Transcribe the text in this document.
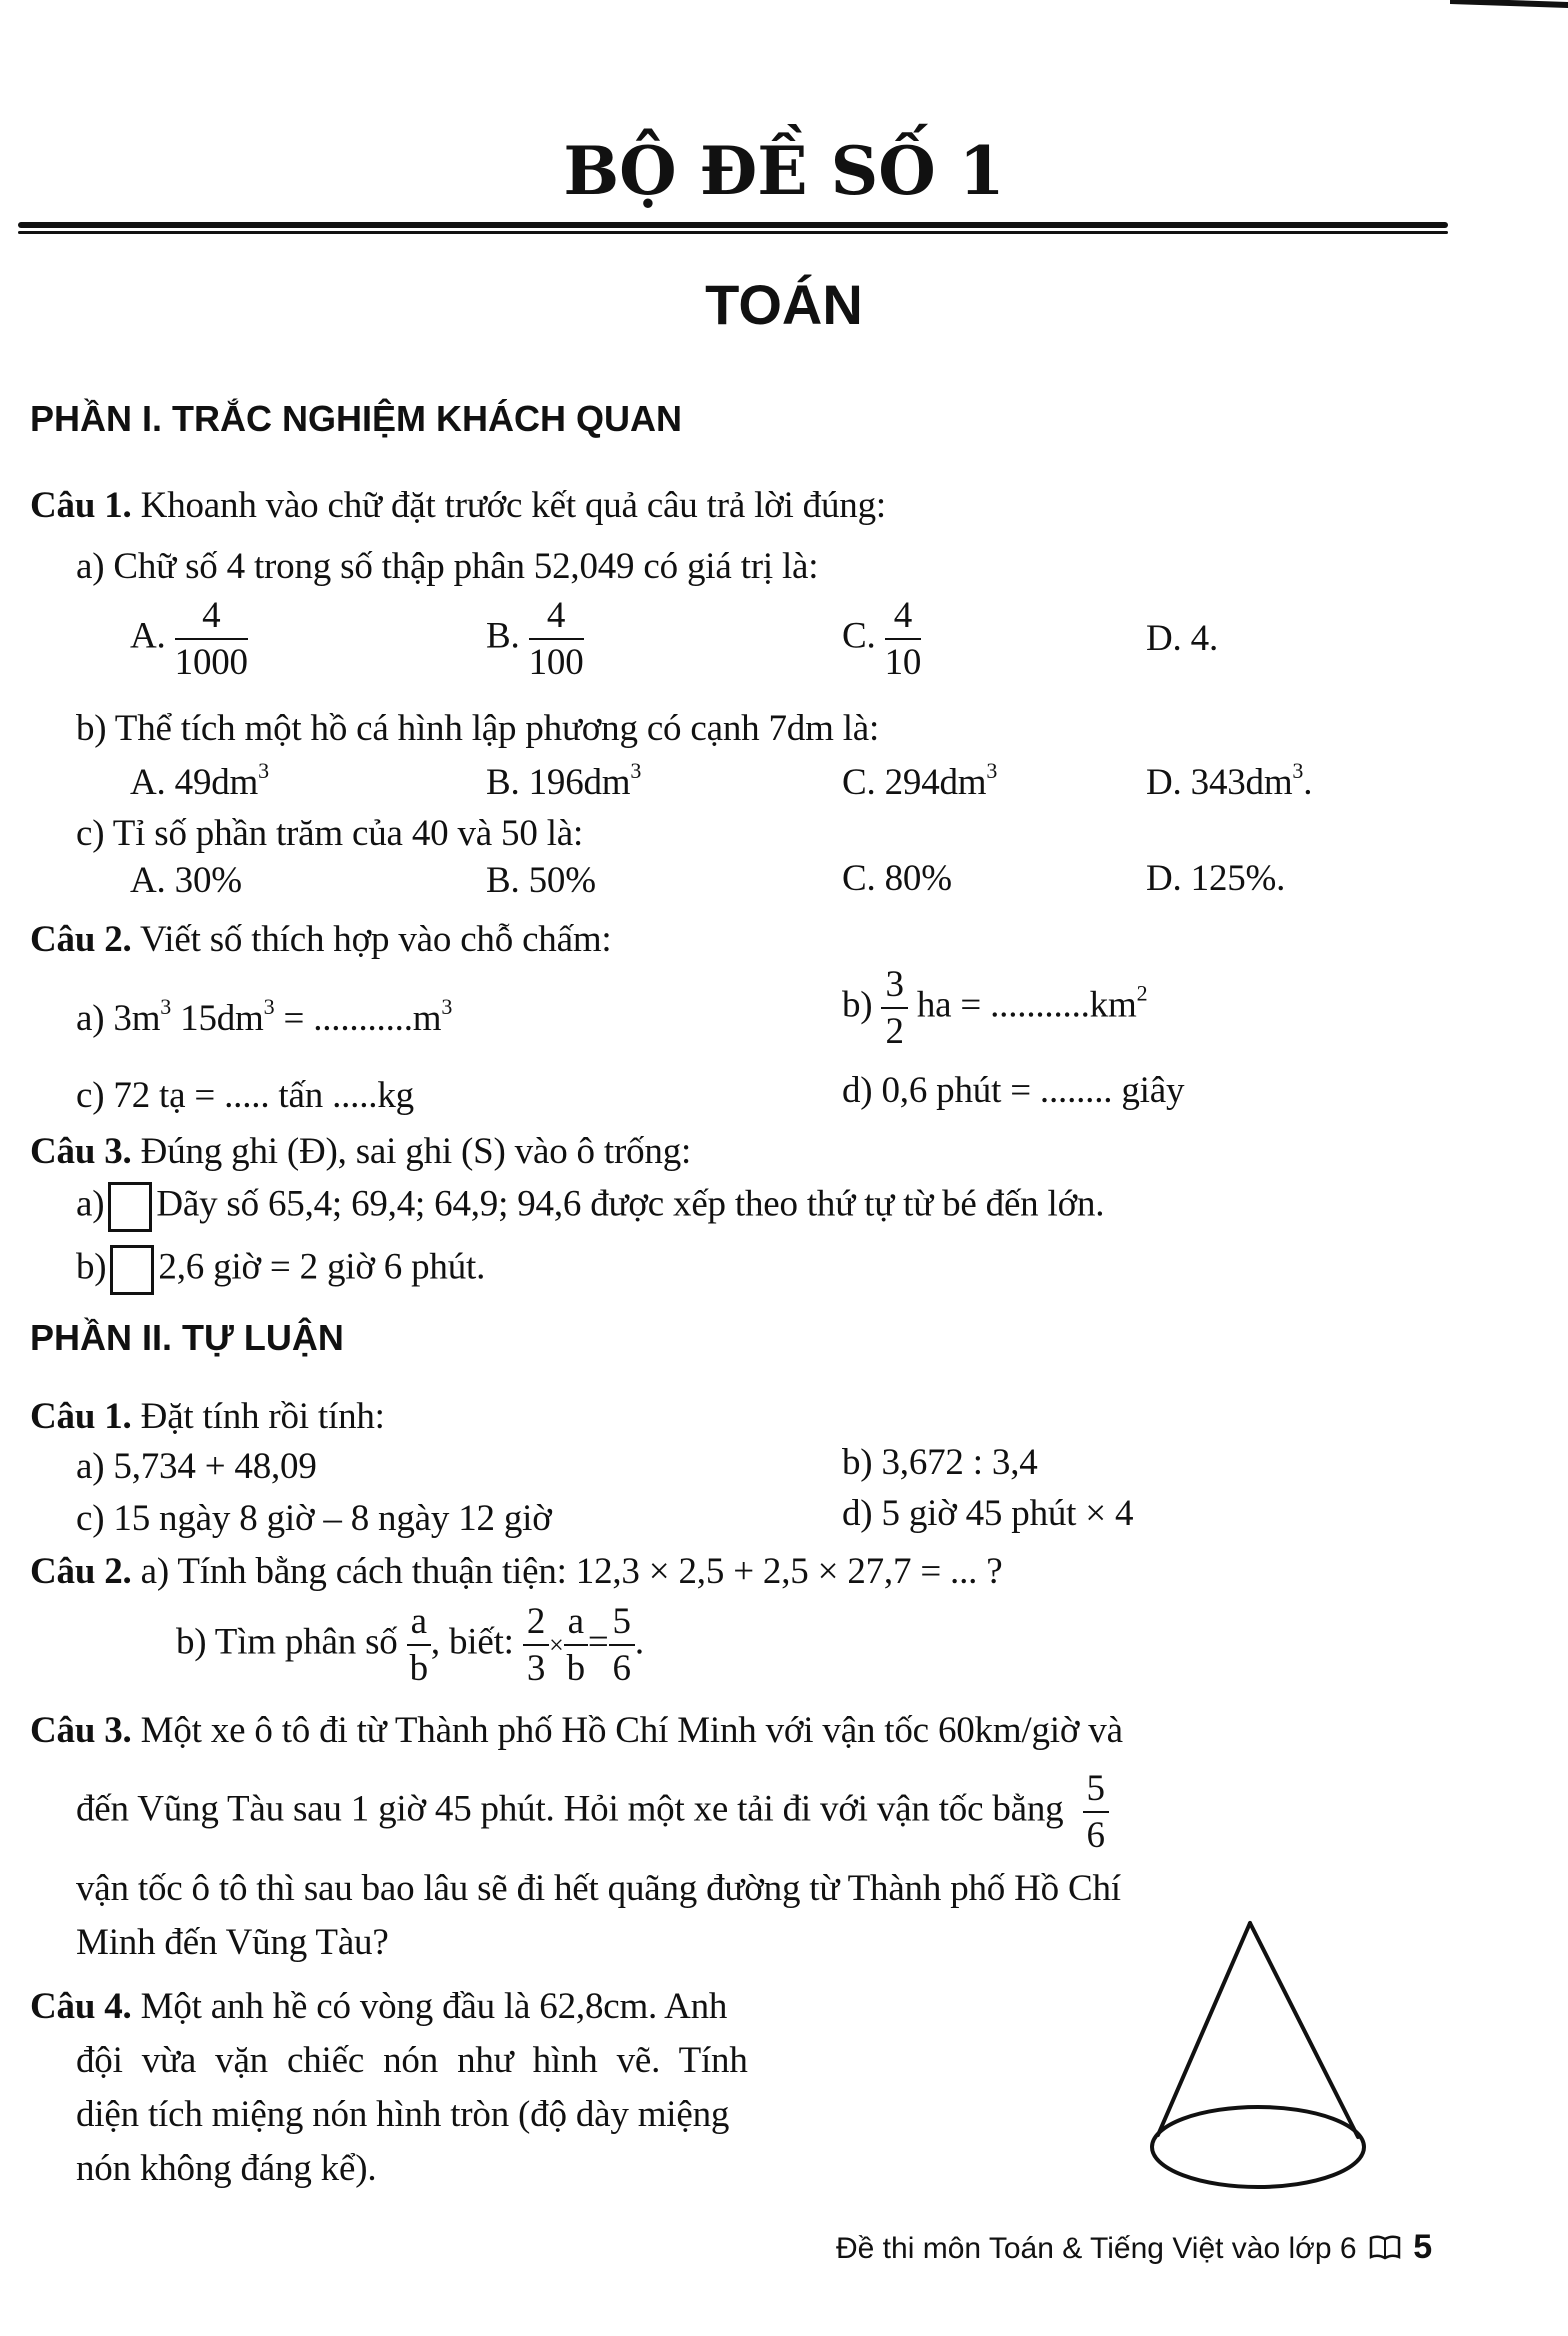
BỘ ĐỀ SỐ 1
TOÁN
PHẦN I. TRẮC NGHIỆM KHÁCH QUAN
Câu 1. Khoanh vào chữ đặt trước kết quả câu trả lời đúng:
a) Chữ số 4 trong số thập phân 52,049 có giá trị là:
A. $\frac{4}{1000}$	B. $\frac{4}{100}$	C. $\frac{4}{10}$	D. 4.
b) Thể tích một hồ cá hình lập phương có cạnh 7dm là:
A. $49dm^3$	B. $196dm^3$	C. $294dm^3$	D. $343dm^3$.
c) Tỉ số phần trăm của 40 và 50 là:
A. 30%	B. 50%	C. 80%	D. 125%.
Câu 2. Viết số thích hợp vào chỗ chấm:
a) $3m^3$ $15dm^3 = ...........m^3$	$b) \frac{3}{2}$ ha = $...........km^2$
c) 72 tạ = ..... tấn .....kg	d) 0,6 phút = ........ giây
Câu 3. Đúng ghi (Đ), sai ghi (S) vào ô trống:
a) Dãy số 65,4; 69,4; 64,9; 94,6 được xếp theo thứ tự từ bé đến lớn.
b) 2,6 giờ = 2 giờ 6 phút.
PHẦN II. TỰ LUẬN
Câu 1. Đặt tính rồi tính:
a) 5,734 + 48,09	b) 3,672 : 3,4
c) 15 ngày 8 giờ – 8 ngày 12 giờ	d) 5 giờ 45 phút × 4
Câu 2. a) Tính bằng cách thuận tiện: 12,3 × 2,5 + 2,5 × 27,7 = ... ?
b) Tìm phân số $\frac{a}{b}$ , biết: $\frac{2}{3} \times \frac{a}{b} = \frac{5}{6}$ .
Câu 3. Một xe ô tô đi từ Thành phố Hồ Chí Minh với vận tốc 60km/giờ và
đến Vũng Tàu sau 1 giờ 45 phút. Hỏi một xe tải đi với vận tốc bằng $\frac{5}{6}$
vận tốc ô tô thì sau bao lâu sẽ đi hết quãng đường từ Thành phố Hồ Chí
Minh đến Vũng Tàu?
Câu 4. Một anh hề có vòng đầu là 62,8cm. Anh
đội vừa vặn chiếc nón như hình vẽ. Tính
diện tích miệng nón hình tròn (độ dày miệng
nón không đáng kể).
Đề thi môn Toán & Tiếng Việt vào lớp 6 5
